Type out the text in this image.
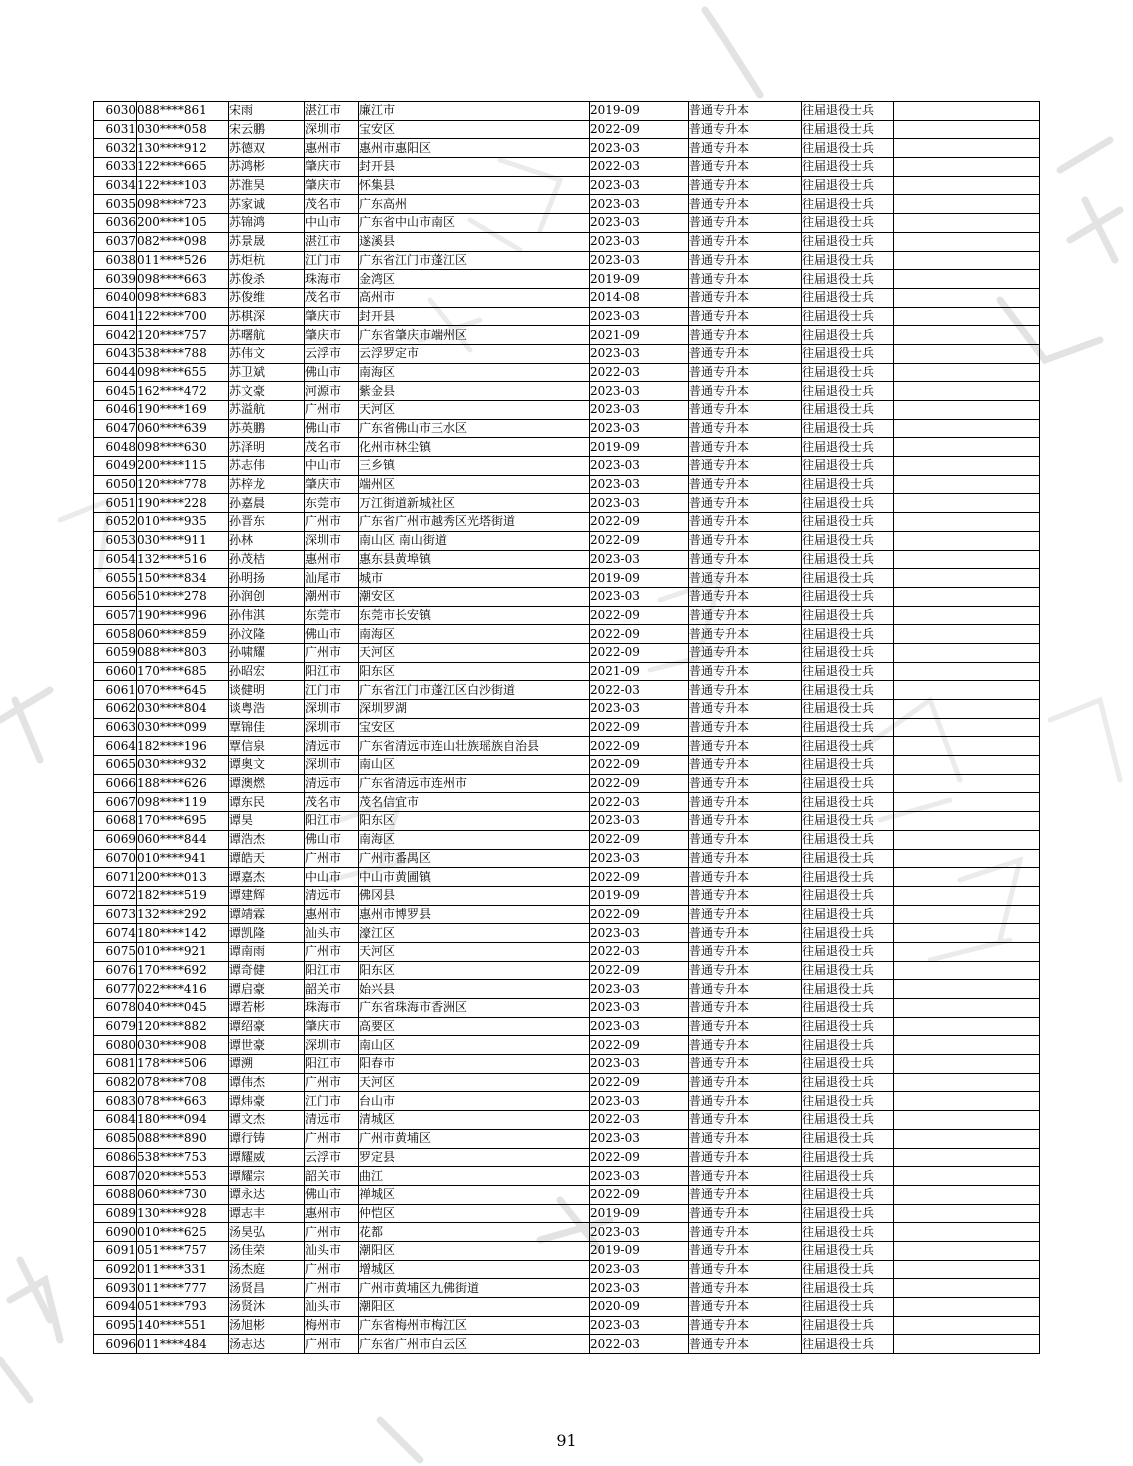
6030	088****861	宋雨	湛江市	廉江市	2019-09	普通专升本	往届退役士兵	
6031	030****058	宋云鹏	深圳市	宝安区	2022-09	普通专升本	往届退役士兵	
6032	130****912	苏德双	惠州市	惠州市惠阳区	2023-03	普通专升本	往届退役士兵	
6033	122****665	苏鸿彬	肇庆市	封开县	2022-03	普通专升本	往届退役士兵	
6034	122****103	苏淮昊	肇庆市	怀集县	2023-03	普通专升本	往届退役士兵	
6035	098****723	苏家诚	茂名市	广东高州	2023-03	普通专升本	往届退役士兵	
6036	200****105	苏锦鸿	中山市	广东省中山市南区	2023-03	普通专升本	往届退役士兵	
6037	082****098	苏景晟	湛江市	遂溪县	2023-03	普通专升本	往届退役士兵	
6038	011****526	苏炬杭	江门市	广东省江门市蓬江区	2023-03	普通专升本	往届退役士兵	
6039	098****663	苏俊杀	珠海市	金湾区	2019-09	普通专升本	往届退役士兵	
6040	098****683	苏俊维	茂名市	高州市	2014-08	普通专升本	往届退役士兵	
6041	122****700	苏棋深	肇庆市	封开县	2023-03	普通专升本	往届退役士兵	
6042	120****757	苏曙航	肇庆市	广东省肇庆市端州区	2021-09	普通专升本	往届退役士兵	
6043	538****788	苏伟文	云浮市	云浮罗定市	2023-03	普通专升本	往届退役士兵	
6044	098****655	苏卫斌	佛山市	南海区	2022-03	普通专升本	往届退役士兵	
6045	162****472	苏文豪	河源市	紫金县	2023-03	普通专升本	往届退役士兵	
6046	190****169	苏溢航	广州市	天河区	2023-03	普通专升本	往届退役士兵	
6047	060****639	苏英鹏	佛山市	广东省佛山市三水区	2023-03	普通专升本	往届退役士兵	
6048	098****630	苏泽明	茂名市	化州市林尘镇	2019-09	普通专升本	往届退役士兵	
6049	200****115	苏志伟	中山市	三乡镇	2023-03	普通专升本	往届退役士兵	
6050	120****778	苏梓龙	肇庆市	端州区	2023-03	普通专升本	往届退役士兵	
6051	190****228	孙嘉晨	东莞市	万江街道新城社区	2023-03	普通专升本	往届退役士兵	
6052	010****935	孙晋东	广州市	广东省广州市越秀区光塔街道	2022-09	普通专升本	往届退役士兵	
6053	030****911	孙林	深圳市	南山区 南山街道	2022-09	普通专升本	往届退役士兵	
6054	132****516	孙茂桔	惠州市	惠东县黄埠镇	2023-03	普通专升本	往届退役士兵	
6055	150****834	孙明扬	汕尾市	城市	2019-09	普通专升本	往届退役士兵	
6056	510****278	孙润创	潮州市	潮安区	2023-03	普通专升本	往届退役士兵	
6057	190****996	孙伟淇	东莞市	东莞市长安镇	2022-09	普通专升本	往届退役士兵	
6058	060****859	孙汶隆	佛山市	南海区	2022-09	普通专升本	往届退役士兵	
6059	088****803	孙啸耀	广州市	天河区	2022-09	普通专升本	往届退役士兵	
6060	170****685	孙昭宏	阳江市	阳东区	2021-09	普通专升本	往届退役士兵	
6061	070****645	谈健明	江门市	广东省江门市蓬江区白沙街道	2022-03	普通专升本	往届退役士兵	
6062	030****804	谈粤浩	深圳市	深圳罗湖	2023-03	普通专升本	往届退役士兵	
6063	030****099	覃锦佳	深圳市	宝安区	2022-09	普通专升本	往届退役士兵	
6064	182****196	覃信泉	清远市	广东省清远市连山壮族瑶族自治县	2022-09	普通专升本	往届退役士兵	
6065	030****932	谭奥文	深圳市	南山区	2022-09	普通专升本	往届退役士兵	
6066	188****626	谭澳燃	清远市	广东省清远市连州市	2022-09	普通专升本	往届退役士兵	
6067	098****119	谭东民	茂名市	茂名信宜市	2022-03	普通专升本	往届退役士兵	
6068	170****695	谭昊	阳江市	阳东区	2023-03	普通专升本	往届退役士兵	
6069	060****844	谭浩杰	佛山市	南海区	2022-09	普通专升本	往届退役士兵	
6070	010****941	谭皓天	广州市	广州市番禺区	2023-03	普通专升本	往届退役士兵	
6071	200****013	谭嘉杰	中山市	中山市黄圃镇	2022-09	普通专升本	往届退役士兵	
6072	182****519	谭建辉	清远市	佛冈县	2019-09	普通专升本	往届退役士兵	
6073	132****292	谭靖霖	惠州市	惠州市博罗县	2022-09	普通专升本	往届退役士兵	
6074	180****142	谭凯隆	汕头市	濠江区	2023-03	普通专升本	往届退役士兵	
6075	010****921	谭南雨	广州市	天河区	2022-03	普通专升本	往届退役士兵	
6076	170****692	谭奇健	阳江市	阳东区	2022-09	普通专升本	往届退役士兵	
6077	022****416	谭启豪	韶关市	始兴县	2023-03	普通专升本	往届退役士兵	
6078	040****045	谭若彬	珠海市	广东省珠海市香洲区	2023-03	普通专升本	往届退役士兵	
6079	120****882	谭绍豪	肇庆市	高要区	2023-03	普通专升本	往届退役士兵	
6080	030****908	谭世豪	深圳市	南山区	2022-09	普通专升本	往届退役士兵	
6081	178****506	谭溯	阳江市	阳春市	2023-03	普通专升本	往届退役士兵	
6082	078****708	谭伟杰	广州市	天河区	2022-09	普通专升本	往届退役士兵	
6083	078****663	谭炜豪	江门市	台山市	2023-03	普通专升本	往届退役士兵	
6084	180****094	谭文杰	清远市	清城区	2022-03	普通专升本	往届退役士兵	
6085	088****890	谭行铸	广州市	广州市黄埔区	2023-03	普通专升本	往届退役士兵	
6086	538****753	谭耀威	云浮市	罗定县	2022-09	普通专升本	往届退役士兵	
6087	020****553	谭耀宗	韶关市	曲江	2023-03	普通专升本	往届退役士兵	
6088	060****730	谭永达	佛山市	禅城区	2022-09	普通专升本	往届退役士兵	
6089	130****928	谭志丰	惠州市	仲恺区	2019-09	普通专升本	往届退役士兵	
6090	010****625	汤昊弘	广州市	花都	2023-03	普通专升本	往届退役士兵	
6091	051****757	汤佳荣	汕头市	潮阳区	2019-09	普通专升本	往届退役士兵	
6092	011****331	汤杰庭	广州市	增城区	2023-03	普通专升本	往届退役士兵	
6093	011****777	汤贤昌	广州市	广州市黄埔区九佛街道	2023-03	普通专升本	往届退役士兵	
6094	051****793	汤贤沐	汕头市	潮阳区	2020-09	普通专升本	往届退役士兵	
6095	140****551	汤旭彬	梅州市	广东省梅州市梅江区	2023-03	普通专升本	往届退役士兵	
6096	011****484	汤志达	广州市	广东省广州市白云区	2022-03	普通专升本	往届退役士兵	
91
